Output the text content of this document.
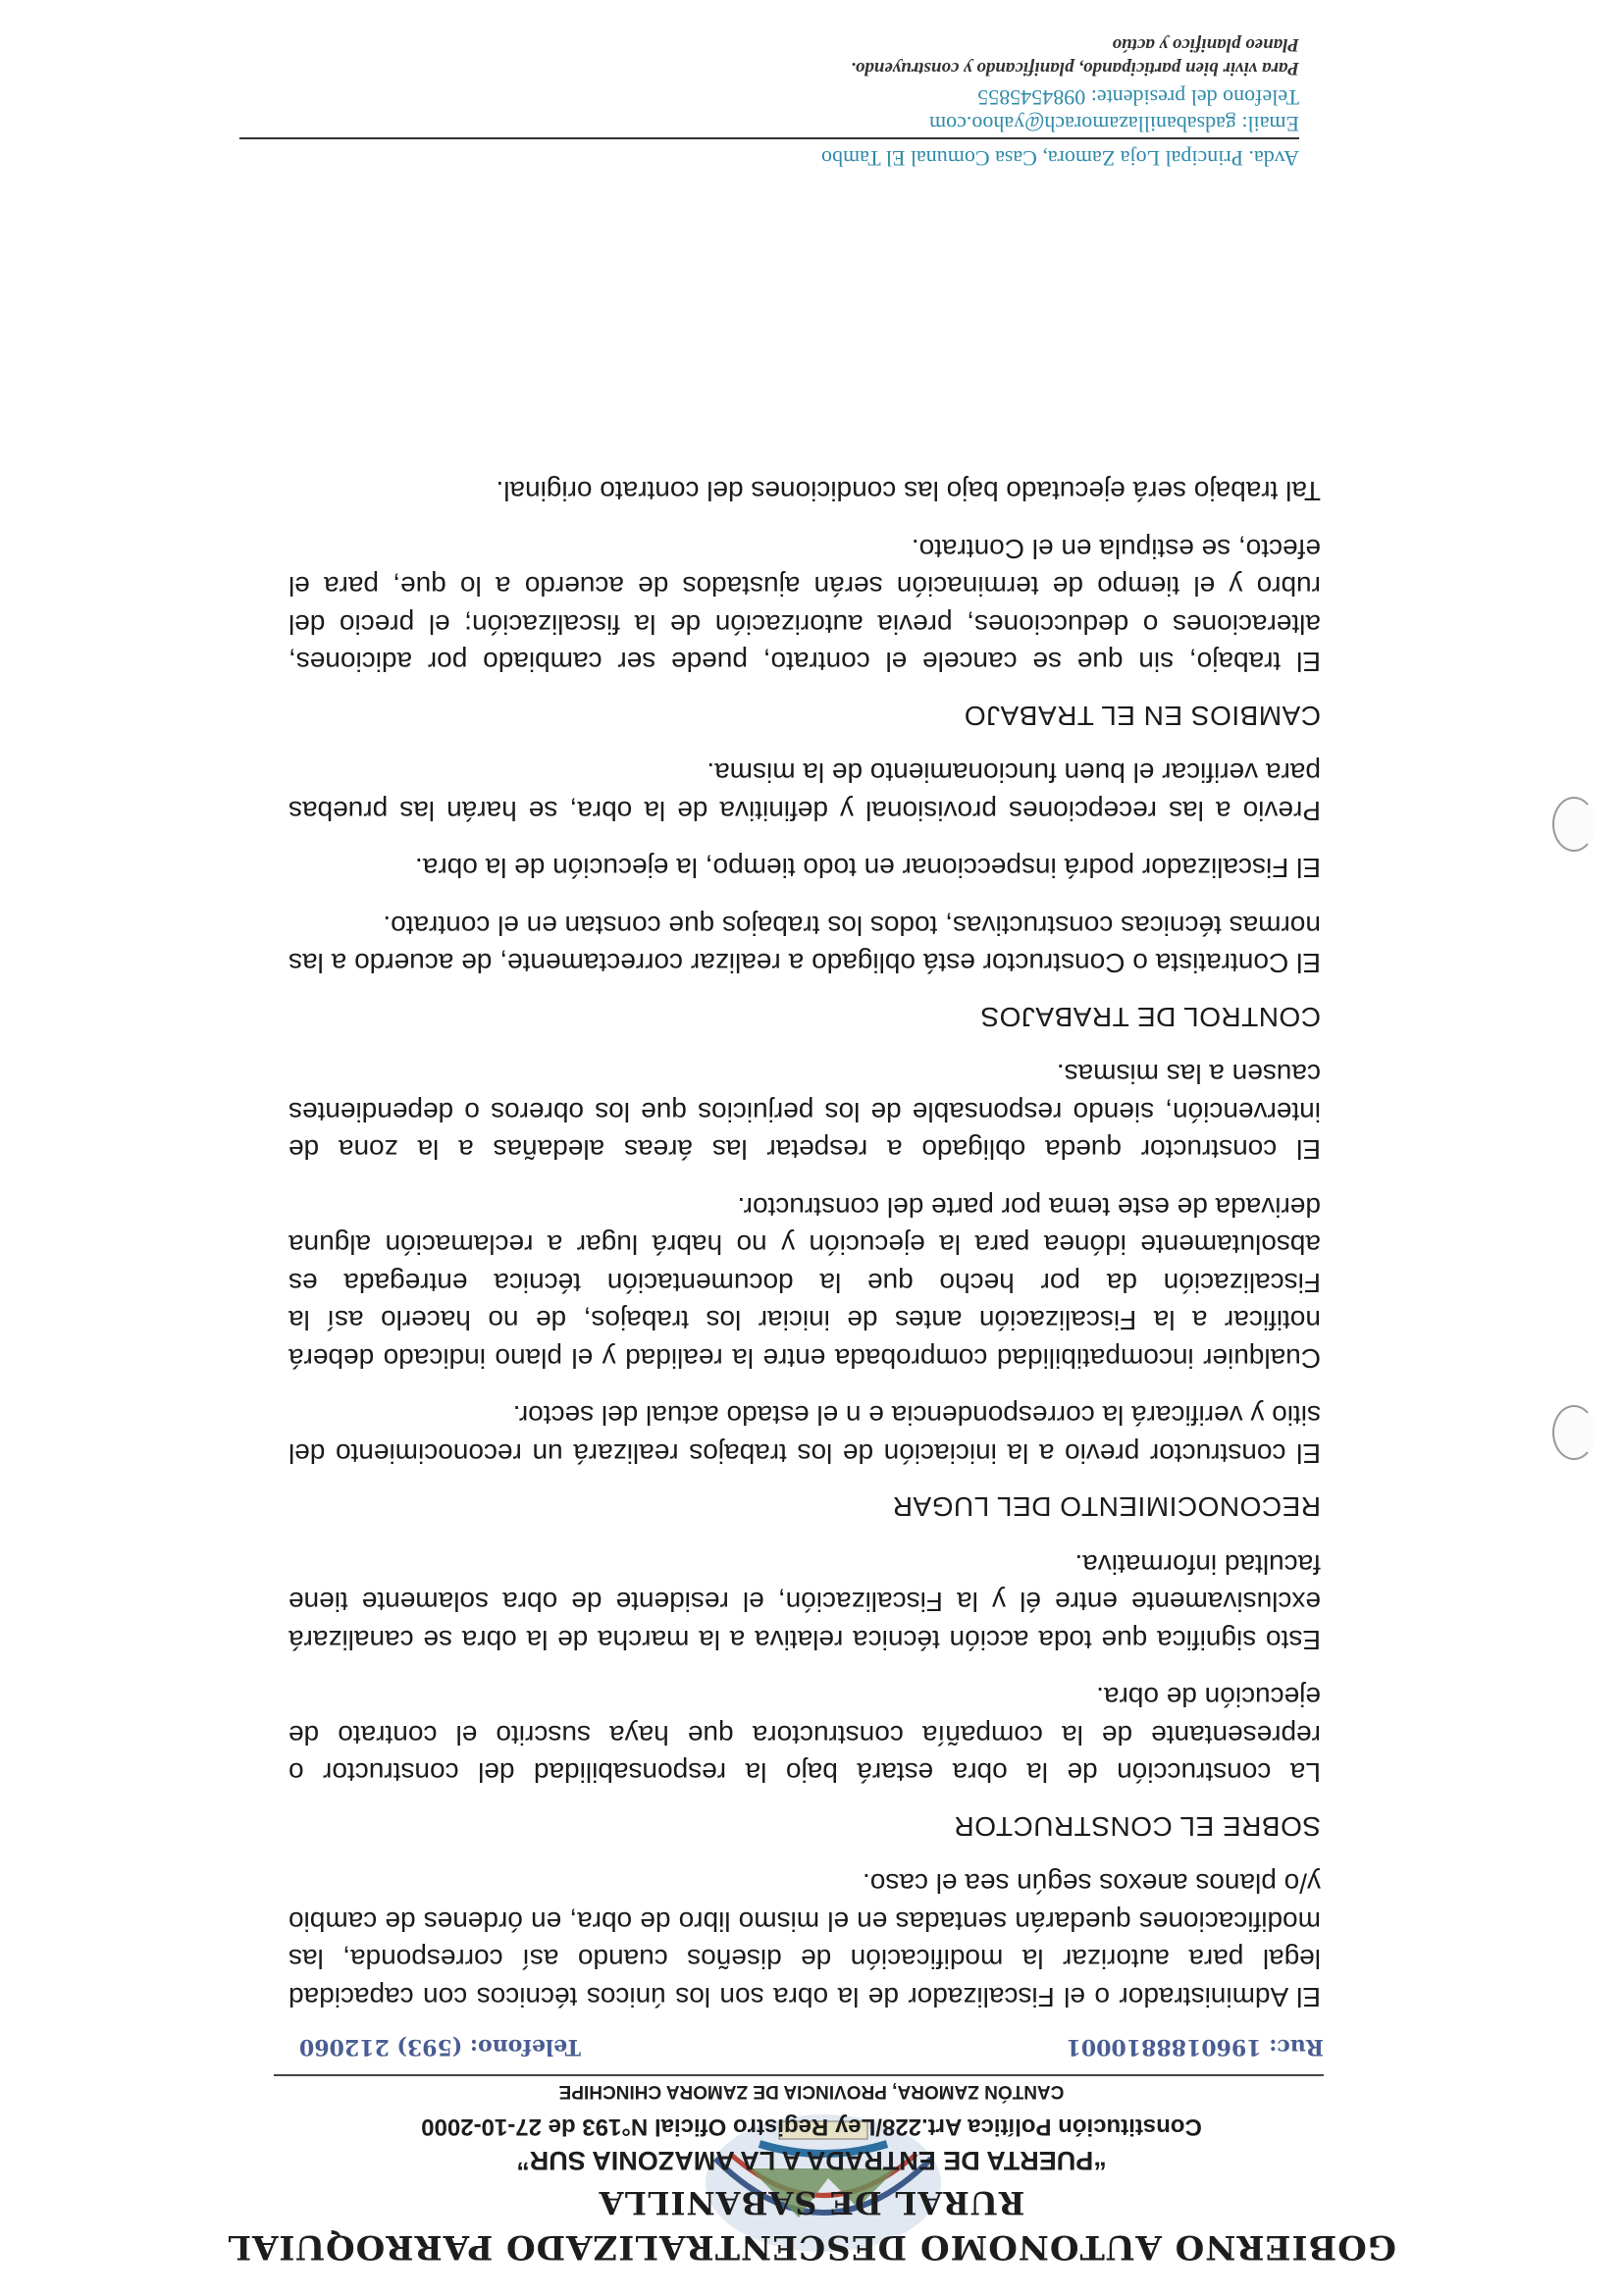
GOBIERNO AUTONOMO DESCENTRALIZADO PARROQUIAL
RURAL DE SABANILLA
“PUERTA DE ENTRADA A LA AMAZONIA SUR”
Constitución Política Art.228/Ley Registro Oficial N°193 de 27-10-2000
CANTÓN ZAMORA, PROVINCIA DE ZAMORA CHINCHIPE
Ruc: 1960188810001
Telefono: (593) 212060

El Administrador o el Fiscalizador de la obra son los únicos técnicos con capacidad legal para autorizar la modificación de diseños cuando así corresponda, las modificaciones quedarán sentadas en el mismo libro de obra, en órdenes de cambio y/o planos anexos según sea el caso.

SOBRE EL CONSTRUCTOR

La construcción de la obra estará bajo la responsabilidad del constructor o representante de la compañía constructora que haya suscrito el contrato de ejecución de obra.

Esto significa que toda acción técnica relativa a la marcha de la obra se canalizará exclusivamente entre él y la Fiscalización, el residente de obra solamente tiene facultad informativa.

RECONOCIMIENTO DEL LUGAR

El constructor previo a la iniciación de los trabajos realizará un reconocimiento del sitio y verificará la correspondencia e n el estado actual del sector.

Cualquier incompatibilidad comprobada entre la realidad y el plano indicado deberá notificar a la Fiscalización antes de iniciar los trabajos, de no hacerlo así la Fiscalización da por hecho que la documentación técnica entregada es absolutamente idónea para la ejecución y no habrá lugar a reclamación alguna derivada de este tema por parte del constructor.

El constructor queda obligado a respetar las áreas aledañas a la zona de intervención, siendo responsable de los perjuicios que los obreros o dependientes causen a las mismas.

CONTROL DE TRABAJOS

El Contratista o Constructor está obligado a realizar correctamente, de acuerdo a las normas técnicas constructivas, todos los trabajos que constan en el contrato.

El Fiscalizador podrá inspeccionar en todo tiempo, la ejecución de la obra.

Previo a las recepciones provisional y definitiva de la obra, se harán las pruebas para verificar el buen funcionamiento de la misma.

CAMBIOS EN EL TRABAJO

El trabajo, sin que se cancele el contrato, puede ser cambiado por adiciones, alteraciones o deducciones, previa autorización de la fiscalización; el precio del rubro y el tiempo de terminación serán ajustados de acuerdo a lo que, para el efecto, se estipula en el Contrato.

Tal trabajo será ejecutado bajo las condiciones del contrato original.

Avda. Principal Loja Zamora, Casa Comunal El Tambo
Email: gadsabanillazamorach@yahoo.com
Telefono del presidente: 0984545855
Para vivir bien participando, planificando y construyendo.
Planeo planifico y actúo
